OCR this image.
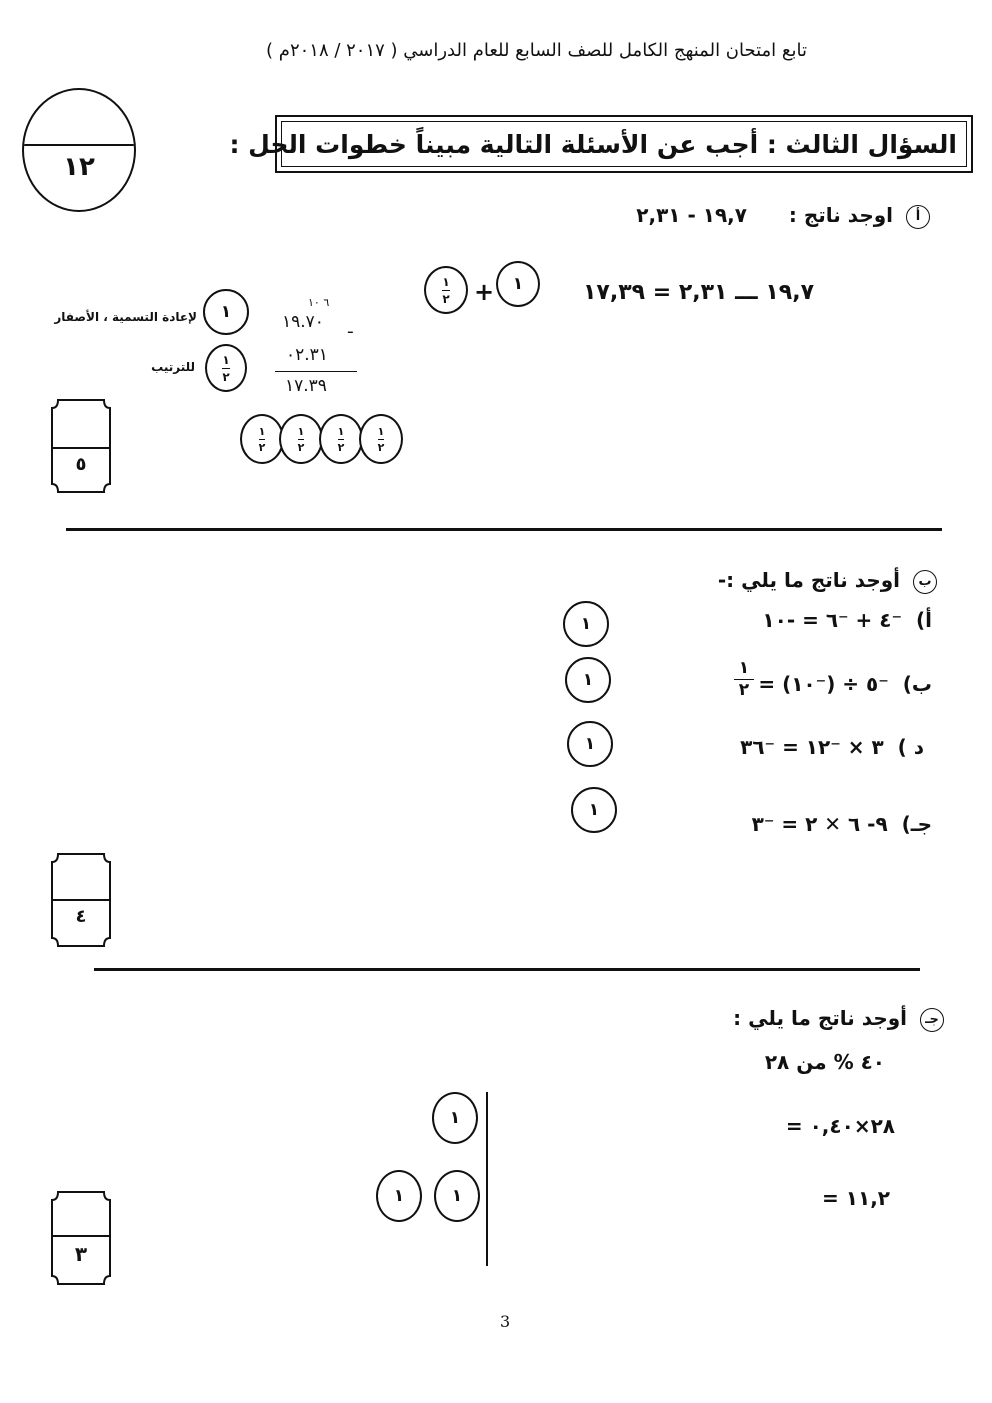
تابع امتحان المنهج الكامل للصف السابع للعام الدراسي ( ٢٠١٧ / ٢٠١٨م )
١٢
السؤال الثالث : أجب عن الأسئلة التالية مبيناً خطوات الحل :
أ اوجد ناتج :  ١٩,٧ - ٢,٣١
١٩,٧ ـــ ٢,٣١ = ١٧,٣٩
$\frac{١}{٢}$ +	١
٦ ١٠
١٩.٧٠ ـ
٠٢.٣١
١٧.٣٩
١
لإعادة التسمية ، الأصفار
$\frac{١}{٢}$
للترتيب
$\frac{١}{٢}$	$\frac{١}{٢}$	$\frac{١}{٢}$	$\frac{١}{٢}$
٥
ب أوجد ناتج ما يلي :-
أ)  ⁻٤ + ⁻٦ = -١٠
١
ب)  ⁻٥ ÷ (⁻١٠) =
١
٢
١
د )  ٣ × ⁻١٢ = ⁻٣٦
١
جـ)  ٩- ٦ ✕ ٢ = ⁻٣
١
٤
جـ أوجد ناتج ما يلي :
٤٠ % من ٢٨
= ٢٨×٠,٤٠
= ١١,٢
١
١	١
٣
3
